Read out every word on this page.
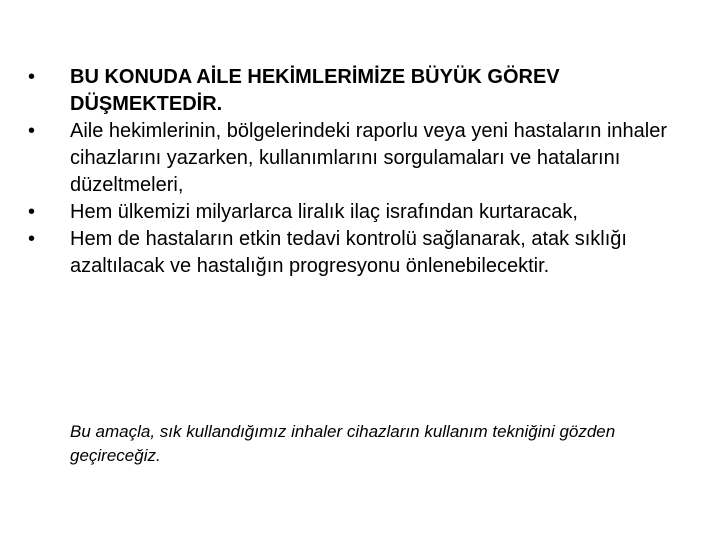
•	BU KONUDA AİLE HEKİMLERİMİZE BÜYÜK GÖREV DÜŞMEKTEDİR.
•	Aile hekimlerinin, bölgelerindeki raporlu veya yeni hastaların inhaler cihazlarını yazarken, kullanımlarını sorgulamaları ve hatalarını düzeltmeleri,
•	Hem ülkemizi milyarlarca liralık ilaç israfından kurtaracak,
•	Hem de hastaların etkin tedavi kontrolü sağlanarak, atak sıklığı azaltılacak ve hastalığın progresyonu önlenebilecektir.

Bu amaçla, sık kullandığımız inhaler cihazların kullanım tekniğini gözden geçireceğiz.
